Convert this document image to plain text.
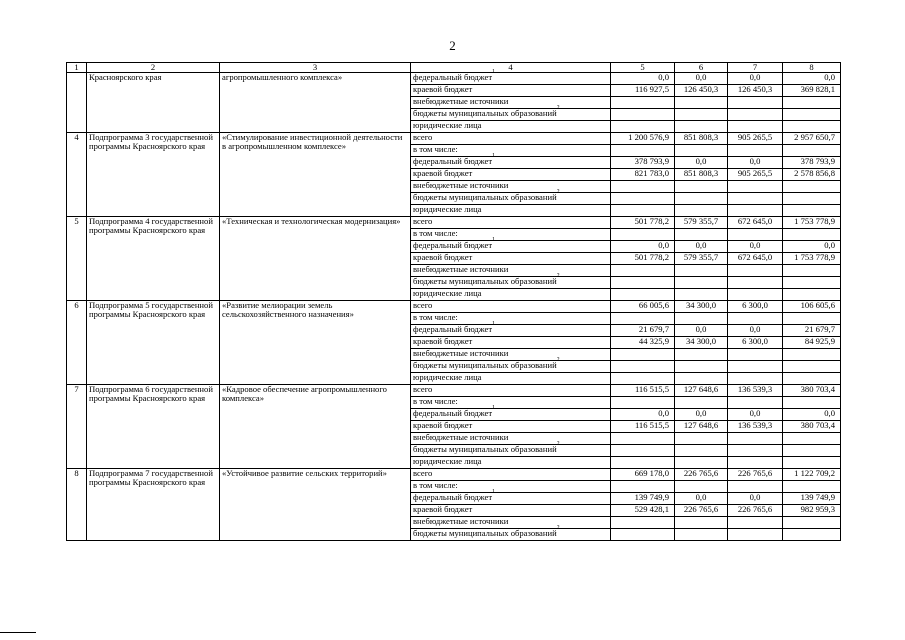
2
1	2	3	4	5	6	7	8
	Красноярского края	агропромышленного комплекса»	федеральный бюджет$^1$	0,0	0,0	0,0	0,0
			краевой бюджет	116 927,5	126 450,3	126 450,3	369 828,1
			внебюджетные источники				
			бюджеты муниципальных образований$^2$				
			юридические лица				
4	Подпрограмма 3 государственной программы Красноярского края	«Стимулирование инвестиционной деятельности в агропромышленном комплексе»	всего	1 200 576,9	851 808,3	905 265,5	2 957 650,7
			в том числе:				
			федеральный бюджет$^1$	378 793,9	0,0	0,0	378 793,9
			краевой бюджет	821 783,0	851 808,3	905 265,5	2 578 856,8
			внебюджетные источники				
			бюджеты муниципальных образований$^2$				
			юридические лица				
5	Подпрограмма 4 государственной программы Красноярского края	«Техническая и технологическая модернизация»	всего	501 778,2	579 355,7	672 645,0	1 753 778,9
			в том числе:				
			федеральный бюджет$^1$	0,0	0,0	0,0	0,0
			краевой бюджет	501 778,2	579 355,7	672 645,0	1 753 778,9
			внебюджетные источники				
			бюджеты муниципальных образований$^2$				
			юридические лица				
6	Подпрограмма 5 государственной программы Красноярского края	«Развитие мелиорации земель сельскохозяйственного назначения»	всего	66 005,6	34 300,0	6 300,0	106 605,6
			в том числе:				
			федеральный бюджет$^1$	21 679,7	0,0	0,0	21 679,7
			краевой бюджет	44 325,9	34 300,0	6 300,0	84 925,9
			внебюджетные источники				
			бюджеты муниципальных образований$^2$				
			юридические лица				
7	Подпрограмма 6 государственной программы Красноярского края	«Кадровое обеспечение агропромышленного комплекса»	всего	116 515,5	127 648,6	136 539,3	380 703,4
			в том числе:				
			федеральный бюджет$^1$	0,0	0,0	0,0	0,0
			краевой бюджет	116 515,5	127 648,6	136 539,3	380 703,4
			внебюджетные источники				
			бюджеты муниципальных образований$^2$				
			юридические лица				
8	Подпрограмма 7 государственной программы Красноярского края	«Устойчивое развитие сельских территорий»	всего	669 178,0	226 765,6	226 765,6	1 122 709,2
			в том числе:				
			федеральный бюджет$^1$	139 749,9	0,0	0,0	139 749,9
			краевой бюджет	529 428,1	226 765,6	226 765,6	982 959,3
			внебюджетные источники				
			бюджеты муниципальных образований$^2$				
